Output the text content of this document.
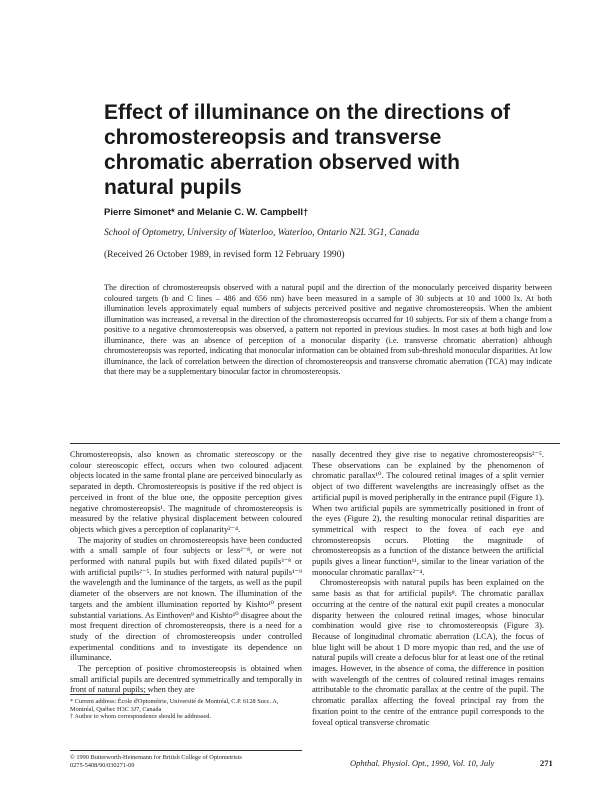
Effect of illuminance on the directions of chromostereopsis and transverse chromatic aberration observed with natural pupils
Pierre Simonet* and Melanie C. W. Campbell†
School of Optometry, University of Waterloo, Waterloo, Ontario N2L 3G1, Canada
(Received 26 October 1989, in revised form 12 February 1990)
The direction of chromostereopsis observed with a natural pupil and the direction of the monocularly perceived disparity between coloured targets (b and C lines – 486 and 656 nm) have been measured in a sample of 30 subjects at 10 and 1000 lx. At both illumination levels approximately equal numbers of subjects perceived positive and negative chromostereopsis. When the ambient illumination was increased, a reversal in the direction of the chromostereopsis occurred for 10 subjects. For six of them a change from a positive to a negative chromostereopsis was observed, a pattern not reported in previous studies. In most cases at both high and low illuminance, there was an absence of perception of a monocular disparity (i.e. transverse chromatic aberration) although chromostereopsis was reported, indicating that monocular information can be obtained from sub-threshold monocular disparities. At low illuminance, the lack of correlation between the direction of chromostereopsis and transverse chromatic aberration (TCA) may indicate that there may be a supplementary binocular factor in chromostereopsis.

Chromostereopsis, also known as chromatic stereoscopy or the colour stereoscopic effect, occurs when two coloured adjacent objects located in the same frontal plane are perceived binocularly as separated in depth. Chromostereopsis is positive if the red object is perceived in front of the blue one, the opposite perception gives negative chromostereopsis¹. The magnitude of chromostereopsis is measured by the relative physical displacement between coloured objects which gives a perception of coplanarity²⁻⁴.

The majority of studies on chromostereopsis have been conducted with a small sample of four subjects or less²⁻⁸, or were not performed with natural pupils but with fixed dilated pupils³⁻⁸ or with artificial pupils²⁻⁵. In studies performed with natural pupils¹⁻⁹ the wavelength and the luminance of the targets, as well as the pupil diameter of the observers are not known. The illumination of the targets and the ambient illumination reported by Kishto¹⁰ present substantial variations. As Einthoven⁹ and Kishto¹⁰ disagree about the most frequent direction of chromostereopsis, there is a need for a study of the direction of chromostereopsis under controlled experimental conditions and to investigate its dependence on illuminance.

The perception of positive chromostereopsis is obtained when small artificial pupils are decentred symmetrically and temporally in front of natural pupils; when they are

nasally decentred they give rise to negative chromostereopsis²⁻⁵. These observations can be explained by the phenomenon of chromatic parallax¹⁰. The coloured retinal images of a split vernier object of two different wavelengths are increasingly offset as the artificial pupil is moved peripherally in the entrance pupil (Figure 1). When two artificial pupils are symmetrically positioned in front of the eyes (Figure 2), the resulting monocular retinal disparities are symmetrical with respect to the fovea of each eye and chromostereopsis occurs. Plotting the magnitude of chromostereopsis as a function of the distance between the artificial pupils gives a linear function¹¹, similar to the linear variation of the monocular chromatic parallax²⁻⁴.

Chromostereopsis with natural pupils has been explained on the same basis as that for artificial pupils⁸. The chromatic parallax occurring at the centre of the natural exit pupil creates a monocular disparity between the coloured retinal images, whose binocular combination would give rise to chromostereopsis (Figure 3). Because of longitudinal chromatic aberration (LCA), the focus of blue light will be about 1 D more myopic than red, and the use of natural pupils will create a defocus blur for at least one of the retinal images. However, in the absence of coma, the difference in position with wavelength of the centres of coloured retinal images remains attributable to the chromatic parallax at the centre of the pupil. The chromatic parallax affecting the foveal principal ray from the fixation point to the centre of the entrance pupil corresponds to the foveal optical transverse chromatic

* Current address: École d'Optométrie, Université de Montréal, C.P. 6128 Succ. A, Montréal, Québec H3C 3J7, Canada

† Author to whom correspondence should be addressed.

© 1990 Butterworth-Heinemann for British College of Optometrists

0275-5408/90/030271-09	Ophthal. Physiol. Opt., 1990, Vol. 10, July	271
